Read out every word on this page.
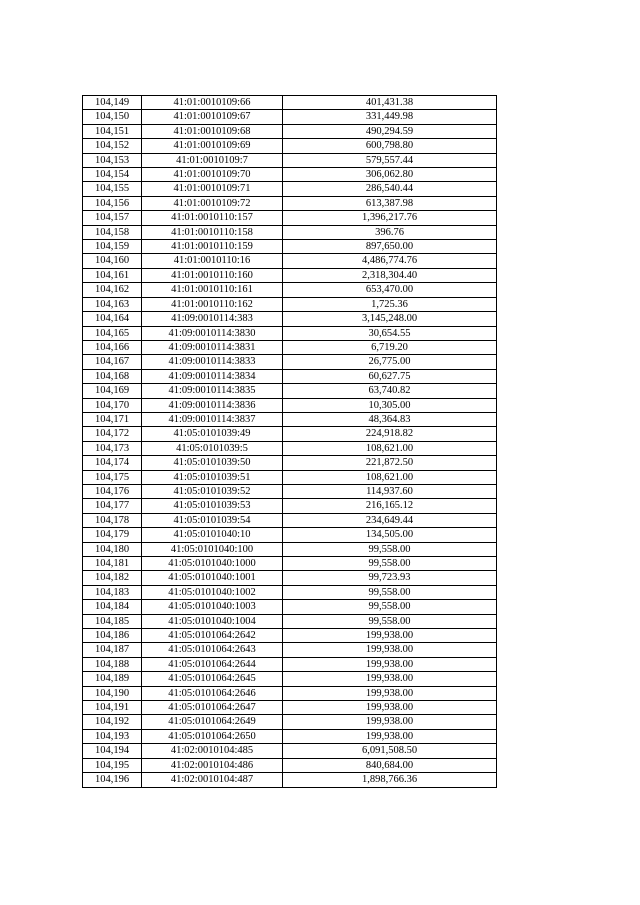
104,149	41:01:0010109:66	401,431.38
104,150	41:01:0010109:67	331,449.98
104,151	41:01:0010109:68	490,294.59
104,152	41:01:0010109:69	600,798.80
104,153	41:01:0010109:7	579,557.44
104,154	41:01:0010109:70	306,062.80
104,155	41:01:0010109:71	286,540.44
104,156	41:01:0010109:72	613,387.98
104,157	41:01:0010110:157	1,396,217.76
104,158	41:01:0010110:158	396.76
104,159	41:01:0010110:159	897,650.00
104,160	41:01:0010110:16	4,486,774.76
104,161	41:01:0010110:160	2,318,304.40
104,162	41:01:0010110:161	653,470.00
104,163	41:01:0010110:162	1,725.36
104,164	41:09:0010114:383	3,145,248.00
104,165	41:09:0010114:3830	30,654.55
104,166	41:09:0010114:3831	6,719.20
104,167	41:09:0010114:3833	26,775.00
104,168	41:09:0010114:3834	60,627.75
104,169	41:09:0010114:3835	63,740.82
104,170	41:09:0010114:3836	10,305.00
104,171	41:09:0010114:3837	48,364.83
104,172	41:05:0101039:49	224,918.82
104,173	41:05:0101039:5	108,621.00
104,174	41:05:0101039:50	221,872.50
104,175	41:05:0101039:51	108,621.00
104,176	41:05:0101039:52	114,937.60
104,177	41:05:0101039:53	216,165.12
104,178	41:05:0101039:54	234,649.44
104,179	41:05:0101040:10	134,505.00
104,180	41:05:0101040:100	99,558.00
104,181	41:05:0101040:1000	99,558.00
104,182	41:05:0101040:1001	99,723.93
104,183	41:05:0101040:1002	99,558.00
104,184	41:05:0101040:1003	99,558.00
104,185	41:05:0101040:1004	99,558.00
104,186	41:05:0101064:2642	199,938.00
104,187	41:05:0101064:2643	199,938.00
104,188	41:05:0101064:2644	199,938.00
104,189	41:05:0101064:2645	199,938.00
104,190	41:05:0101064:2646	199,938.00
104,191	41:05:0101064:2647	199,938.00
104,192	41:05:0101064:2649	199,938.00
104,193	41:05:0101064:2650	199,938.00
104,194	41:02:0010104:485	6,091,508.50
104,195	41:02:0010104:486	840,684.00
104,196	41:02:0010104:487	1,898,766.36
